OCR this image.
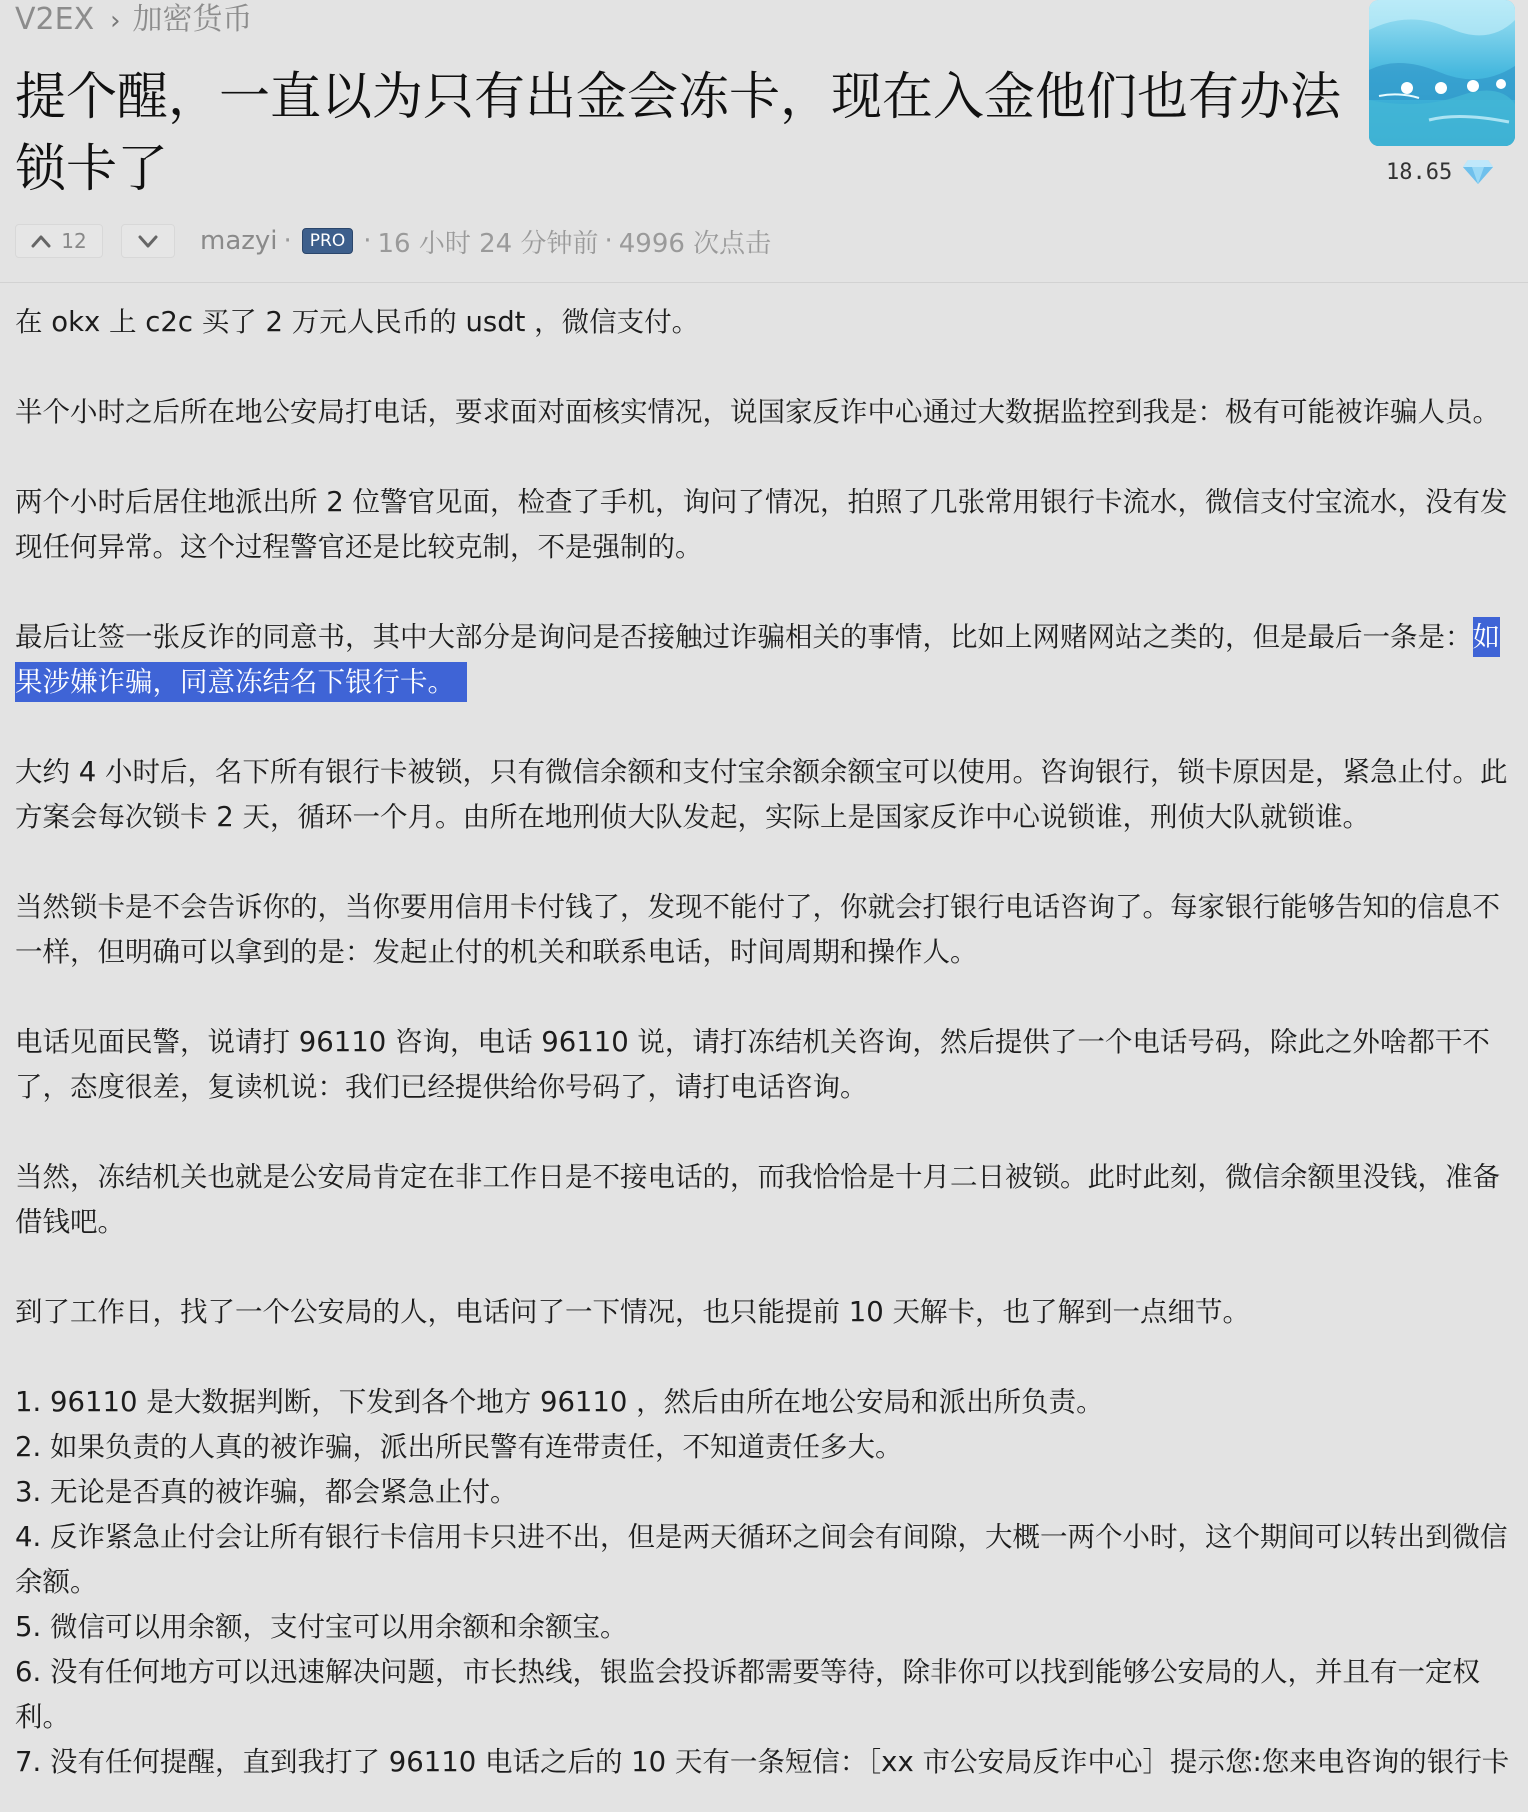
V2EX › 加密货币
提个醒，一直以为只有出金会冻卡，现在入金他们也有办法锁卡了	18.65
12	mazyi ·	PRO · 16 小时 24 分钟前 · 4996 次点击

在 okx 上 c2c 买了 2 万元人民币的 usdt ，微信支付。

半个小时之后所在地公安局打电话，要求面对面核实情况，说国家反诈中心通过大数据监控到我是：极有可能被诈骗人员。

两个小时后居住地派出所 2 位警官见面，检查了手机，询问了情况，拍照了几张常用银行卡流水，微信支付宝流水，没有发现任何异常。这个过程警官还是比较克制，不是强制的。

最后让签一张反诈的同意书，其中大部分是询问是否接触过诈骗相关的事情，比如上网赌网站之类的，但是最后一条是：如果涉嫌诈骗，同意冻结名下银行卡。

大约 4 小时后，名下所有银行卡被锁，只有微信余额和支付宝余额余额宝可以使用。咨询银行，锁卡原因是，紧急止付。此方案会每次锁卡 2 天，循环一个月。由所在地刑侦大队发起，实际上是国家反诈中心说锁谁，刑侦大队就锁谁。

当然锁卡是不会告诉你的，当你要用信用卡付钱了，发现不能付了，你就会打银行电话咨询了。每家银行能够告知的信息不一样，但明确可以拿到的是：发起止付的机关和联系电话，时间周期和操作人。

电话见面民警，说请打 96110 咨询，电话 96110 说，请打冻结机关咨询，然后提供了一个电话号码，除此之外啥都干不了，态度很差，复读机说：我们已经提供给你号码了，请打电话咨询。

当然，冻结机关也就是公安局肯定在非工作日是不接电话的，而我恰恰是十月二日被锁。此时此刻，微信余额里没钱，准备借钱吧。

到了工作日，找了一个公安局的人，电话问了一下情况，也只能提前 10 天解卡，也了解到一点细节。

1. 96110 是大数据判断，下发到各个地方 96110 ，然后由所在地公安局和派出所负责。
2. 如果负责的人真的被诈骗，派出所民警有连带责任，不知道责任多大。
3. 无论是否真的被诈骗，都会紧急止付。
4. 反诈紧急止付会让所有银行卡信用卡只进不出，但是两天循环之间会有间隙，大概一两个小时，这个期间可以转出到微信余额。
5. 微信可以用余额，支付宝可以用余额和余额宝。
6. 没有任何地方可以迅速解决问题，市长热线，银监会投诉都需要等待，除非你可以找到能够公安局的人，并且有一定权利。
7. 没有任何提醒，直到我打了 96110 电话之后的 10 天有一条短信：［xx 市公安局反诈中心］提示您:您来电咨询的银行卡
